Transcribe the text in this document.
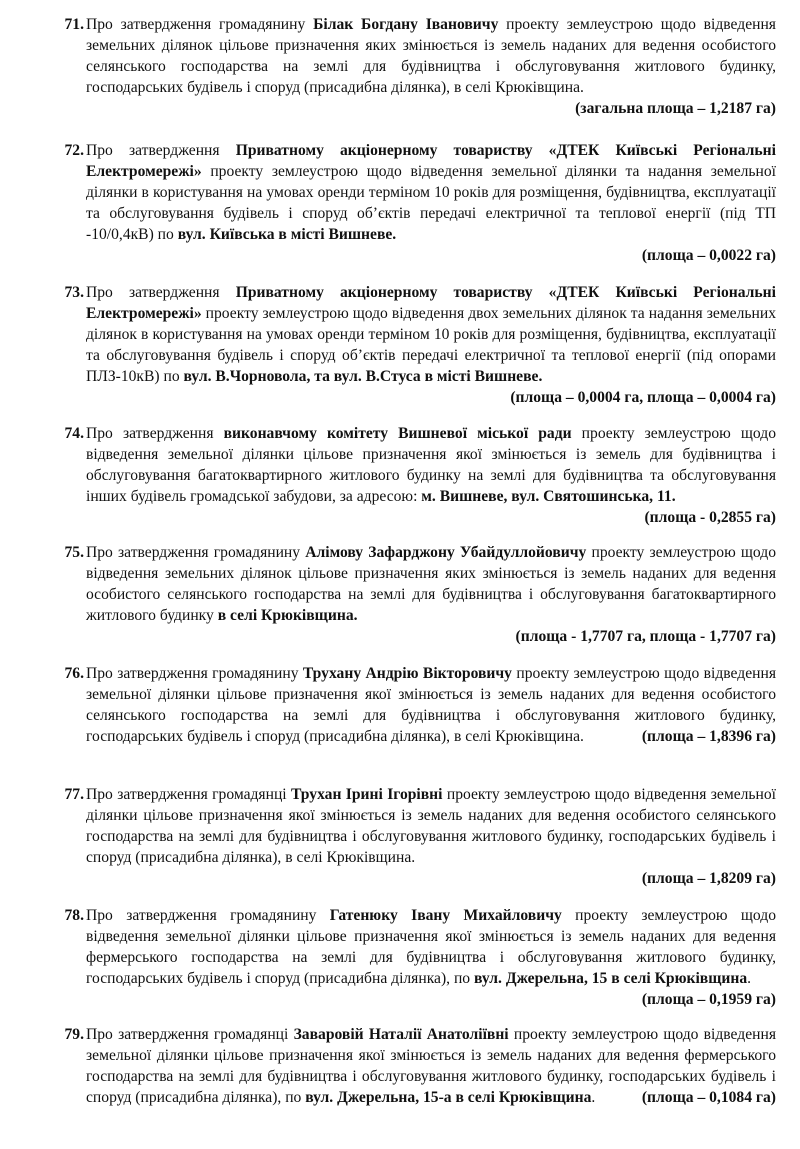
71. Про затвердження громадянину Білак Богдану Івановичу проекту землеустрою щодо відведення земельних ділянок цільове призначення яких змінюється із земель наданих для ведення особистого селянського господарства на землі для будівництва і обслуговування житлового будинку, господарських будівель і споруд (присадибна ділянка), в селі Крюківщина.
(загальна площа – 1,2187 га)
72. Про затвердження Приватному акціонерному товариству «ДТЕК Київські Регіональні Електромережі» проекту землеустрою щодо відведення земельної ділянки та надання земельної ділянки в користування на умовах оренди терміном 10 років для розміщення, будівництва, експлуатації та обслуговування будівель і споруд об’єктів передачі електричної та теплової енергії (під ТП -10/0,4кВ) по вул. Київська в місті Вишневе.
(площа – 0,0022 га)
73. Про затвердження Приватному акціонерному товариству «ДТЕК Київські Регіональні Електромережі» проекту землеустрою щодо відведення двох земельних ділянок та надання земельних ділянок в користування на умовах оренди терміном 10 років для розміщення, будівництва, експлуатації та обслуговування будівель і споруд об’єктів передачі електричної та теплової енергії (під опорами ПЛЗ-10кВ) по вул. В.Чорновола, та вул. В.Стуса в місті Вишневе.
(площа – 0,0004 га, площа – 0,0004 га)
74. Про затвердження виконавчому комітету Вишневої міської ради проекту землеустрою щодо відведення земельної ділянки цільове призначення якої змінюється із земель для будівництва і обслуговування багатоквартирного житлового будинку на землі для будівництва та обслуговування інших будівель громадської забудови, за адресою: м. Вишневе, вул. Святошинська, 11.
(площа - 0,2855 га)
75. Про затвердження громадянину Алімову Зафарджону Убайдуллойовичу проекту землеустрою щодо відведення земельних ділянок цільове призначення яких змінюється із земель наданих для ведення особистого селянського господарства на землі для будівництва і обслуговування багатоквартирного житлового будинку в селі Крюківщина.
(площа - 1,7707 га, площа - 1,7707 га)
76. Про затвердження громадянину Трухану Андрію Вікторовичу проекту землеустрою щодо відведення земельної ділянки цільове призначення якої змінюється із земель наданих для ведення особистого селянського господарства на землі для будівництва і обслуговування житлового будинку, господарських будівель і споруд (присадибна ділянка), в селі Крюківщина.	(площа – 1,8396 га)
77. Про затвердження громадянці Трухан Ірині Ігорівні проекту землеустрою щодо відведення земельної ділянки цільове призначення якої змінюється із земель наданих для ведення особистого селянського господарства на землі для будівництва і обслуговування житлового будинку, господарських будівель і споруд (присадибна ділянка), в селі Крюківщина.
(площа – 1,8209 га)
78. Про затвердження громадянину Гатенюку Івану Михайловичу проекту землеустрою щодо відведення земельної ділянки цільове призначення якої змінюється із земель наданих для ведення фермерського господарства на землі для будівництва і обслуговування житлового будинку, господарських будівель і споруд (присадибна ділянка), по вул. Джерельна, 15 в селі Крюківщина.
(площа – 0,1959 га)
79. Про затвердження громадянці Заваровій Наталії Анатоліївні проекту землеустрою щодо відведення земельної ділянки цільове призначення якої змінюється із земель наданих для ведення фермерського господарства на землі для будівництва і обслуговування житлового будинку, господарських будівель і споруд (присадибна ділянка), по вул. Джерельна, 15-а в селі Крюківщина.	(площа – 0,1084 га)
